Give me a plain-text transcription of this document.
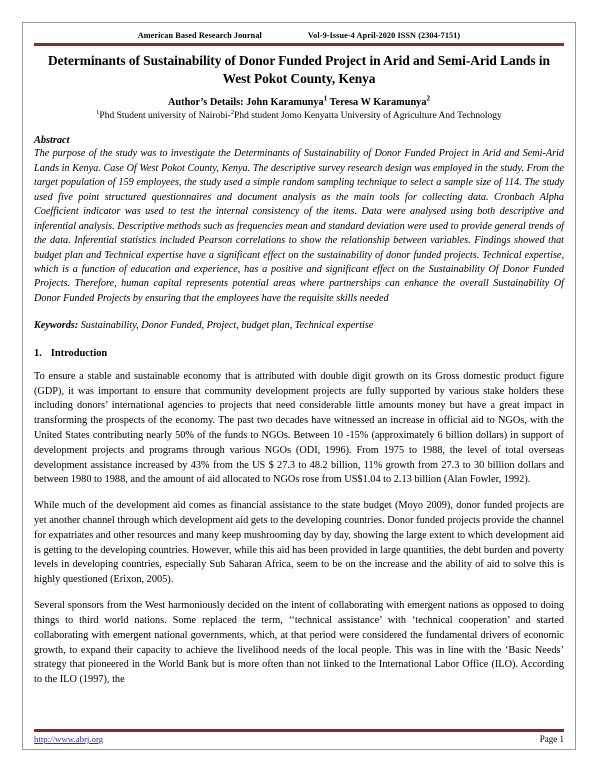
American Based Research Journal	Vol-9-Issue-4 April-2020 ISSN (2304-7151)
Determinants of Sustainability of Donor Funded Project in Arid and Semi-Arid Lands in West Pokot County, Kenya
Author’s Details: John Karamunya$^1$ Teresa W Karamunya$^2$
$^1$Phd Student university of Nairobi-$^2$Phd student Jomo Kenyatta University of Agriculture And Technology
Abstract
The purpose of the study was to investigate the Determinants of Sustainability of Donor Funded Project in Arid and Semi-Arid Lands in Kenya. Case Of West Pokot County, Kenya. The descriptive survey research design was employed in the study. From the target population of 159 employees, the study used a simple random sampling technique to select a sample size of 114. The study used five point structured questionnaires and document analysis as the main tools for collecting data. Cronbach Alpha Coefficient indicator was used to test the internal consistency of the items. Data were analysed using both descriptive and inferential analysis. Descriptive methods such as frequencies mean and standard deviation were used to provide general trends of the data. Inferential statistics included Pearson correlations to show the relationship between variables. Findings showed that budget plan and Technical expertise have a significant effect on the sustainability of donor funded projects. Technical expertise, which is a function of education and experience, has a positive and significant effect on the Sustainability Of Donor Funded Projects. Therefore, human capital represents potential areas where partnerships can enhance the overall Sustainability Of Donor Funded Projects by ensuring that the employees have the requisite skills needed
Keywords: Sustainability, Donor Funded, Project, budget plan, Technical expertise
1. Introduction
To ensure a stable and sustainable economy that is attributed with double digit growth on its Gross domestic product figure (GDP), it was important to ensure that community development projects are fully supported by various stake holders these including donors’ international agencies to projects that need considerable little amounts money but have a great impact in transforming the prospects of the economy. The past two decades have witnessed an increase in official aid to NGOs, with the United States contributing nearly 50% of the funds to NGOs. Between 10 -15% (approximately 6 billion dollars) in support of development projects and programs through various NGOs (ODI, 1996). From 1975 to 1988, the level of total overseas development assistance increased by 43% from the US $ 27.3 to 48.2 billion, 11% growth from 27.3 to 30 billion dollars and between 1980 to 1988, and the amount of aid allocated to NGOs rose from US$1.04 to 2.13 billion (Alan Fowler, 1992).
While much of the development aid comes as financial assistance to the state budget (Moyo 2009), donor funded projects are yet another channel through which development aid gets to the developing countries. Donor funded projects provide the channel for expatriates and other resources and many keep mushrooming day by day, showing the large extent to which development aid is getting to the developing countries. However, while this aid has been provided in large quantities, the debt burden and poverty levels in developing countries, especially Sub Saharan Africa, seem to be on the increase and the ability of aid to solve this is highly questioned (Erixon, 2005).
Several sponsors from the West harmoniously decided on the intent of collaborating with emergent nations as opposed to doing things to third world nations. Some replaced the term, ‘‘technical assistance’ with ‘technical cooperation’ and started collaborating with emergent national governments, which, at that period were considered the fundamental drivers of economic growth, to expand their capacity to achieve the livelihood needs of the local people. This was in line with the ‘Basic Needs’ strategy that pioneered in the World Bank but is more often than not linked to the International Labor Office (ILO). According to the ILO (1997), the
http://www.abrj.org	Page 1
